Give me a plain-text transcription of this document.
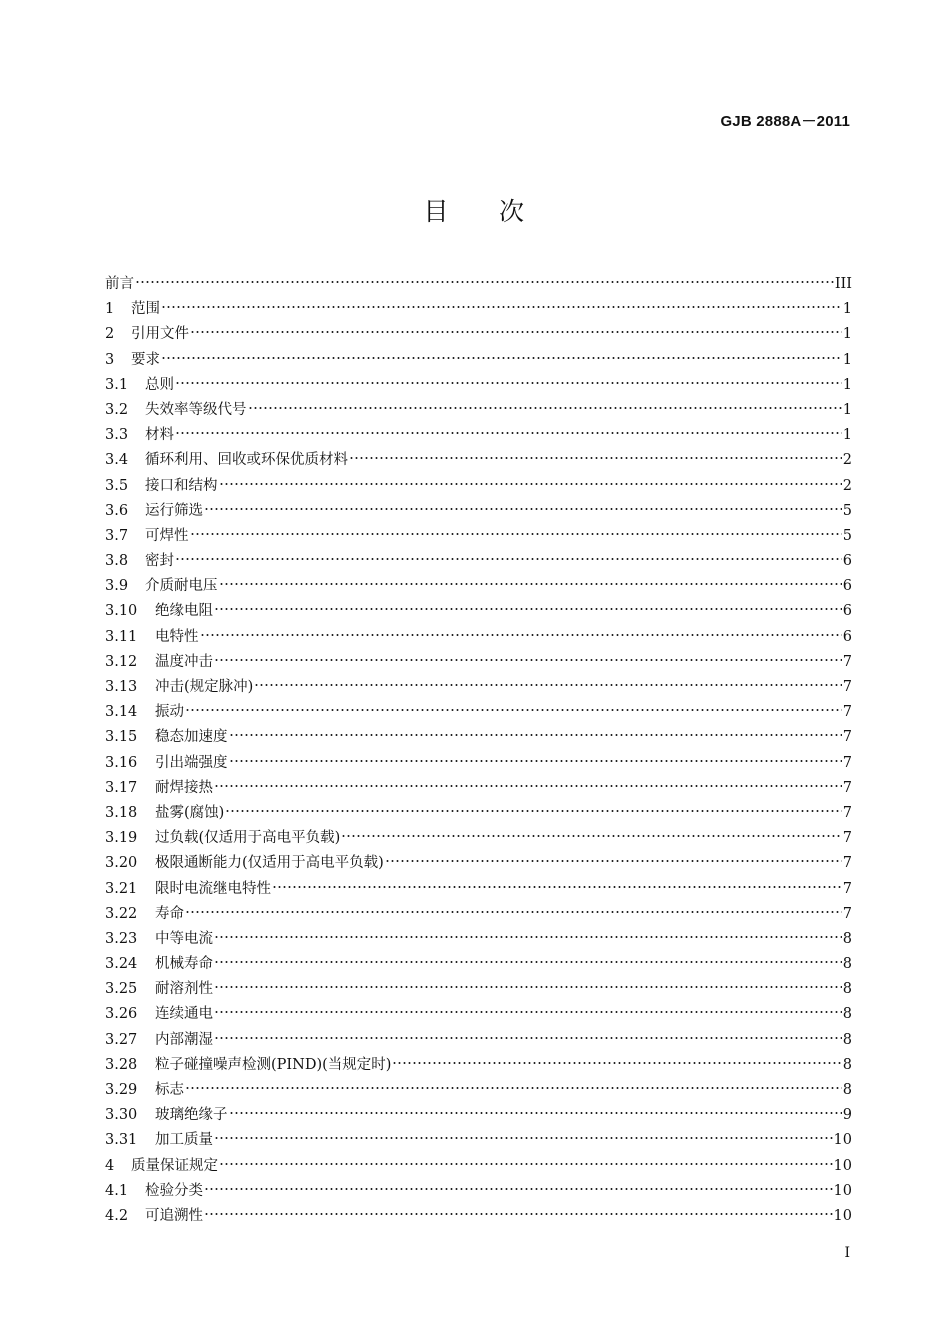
GJB 2888A－2011
目 次
前言	III
1	范围	1
2	引用文件	1
3	要求	1
3.1	总则	1
3.2	失效率等级代号	1
3.3	材料	1
3.4	循环利用、回收或环保优质材料	2
3.5	接口和结构	2
3.6	运行筛选	5
3.7	可焊性	5
3.8	密封	6
3.9	介质耐电压	6
3.10	绝缘电阻	6
3.11	电特性	6
3.12	温度冲击	7
3.13	冲击(规定脉冲)	7
3.14	振动	7
3.15	稳态加速度	7
3.16	引出端强度	7
3.17	耐焊接热	7
3.18	盐雾(腐蚀)	7
3.19	过负载(仅适用于高电平负载)	7
3.20	极限通断能力(仅适用于高电平负载)	7
3.21	限时电流继电特性	7
3.22	寿命	7
3.23	中等电流	8
3.24	机械寿命	8
3.25	耐溶剂性	8
3.26	连续通电	8
3.27	内部潮湿	8
3.28	粒子碰撞噪声检测(PIND)(当规定时)	8
3.29	标志	8
3.30	玻璃绝缘子	9
3.31	加工质量	10
4	质量保证规定	10
4.1	检验分类	10
4.2	可追溯性	10
I
